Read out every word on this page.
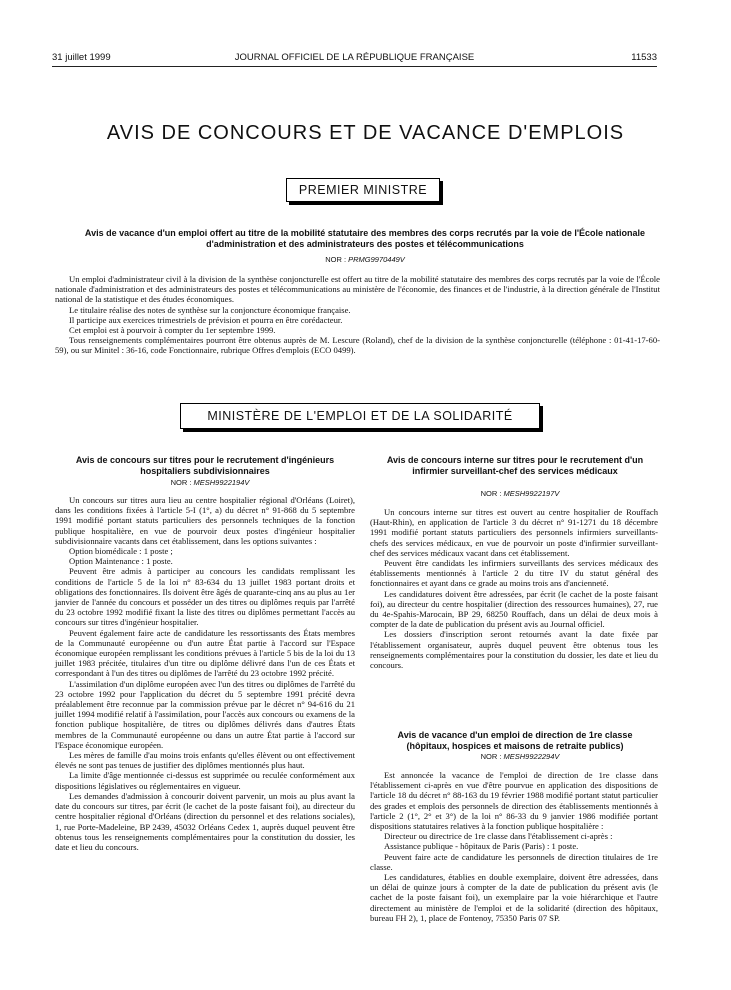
31 juillet 1999	JOURNAL OFFICIEL DE LA RÉPUBLIQUE FRANÇAISE	11533
AVIS DE CONCOURS ET DE VACANCE D'EMPLOIS
PREMIER MINISTRE
Avis de vacance d'un emploi offert au titre de la mobilité statutaire des membres des corps recrutés par la voie de l'École nationale d'administration et des administrateurs des postes et télécommunications
NOR : PRMG9970449V

Un emploi d'administrateur civil à la division de la synthèse conjoncturelle est offert au titre de la mobilité statutaire des membres des corps recrutés par la voie de l'École nationale d'administration et des administrateurs des postes et télécommunications au ministère de l'économie, des finances et de l'industrie, à la direction générale de l'Institut national de la statistique et des études économiques.

Le titulaire réalise des notes de synthèse sur la conjoncture économique française.

Il participe aux exercices trimestriels de prévision et pourra en être corédacteur.

Cet emploi est à pourvoir à compter du 1er septembre 1999.

Tous renseignements complémentaires pourront être obtenus auprès de M. Lescure (Roland), chef de la division de la synthèse conjoncturelle (téléphone : 01-41-17-60-59), ou sur Minitel : 36-16, code Fonctionnaire, rubrique Offres d'emplois (ECO 0499).

MINISTÈRE DE L'EMPLOI ET DE LA SOLIDARITÉ
Avis de concours sur titres pour le recrutement d'ingénieurs hospitaliers subdivisionnaires
NOR : MESH9922194V

Un concours sur titres aura lieu au centre hospitalier régional d'Orléans (Loiret), dans les conditions fixées à l'article 5-I (1°, a) du décret n° 91-868 du 5 septembre 1991 modifié portant statuts particuliers des personnels techniques de la fonction publique hospitalière, en vue de pourvoir deux postes d'ingénieur hospitalier subdivisionnaire vacants dans cet établissement, dans les options suivantes :

Option biomédicale : 1 poste ;

Option Maintenance : 1 poste.

Peuvent être admis à participer au concours les candidats remplissant les conditions de l'article 5 de la loi n° 83-634 du 13 juillet 1983 portant droits et obligations des fonctionnaires. Ils doivent être âgés de quarante-cinq ans au plus au 1er janvier de l'année du concours et posséder un des titres ou diplômes requis par l'arrêté du 23 octobre 1992 modifié fixant la liste des titres ou diplômes permettant l'accès au concours sur titres d'ingénieur hospitalier.

Peuvent également faire acte de candidature les ressortissants des États membres de la Communauté européenne ou d'un autre État partie à l'accord sur l'Espace économique européen remplissant les conditions prévues à l'article 5 bis de la loi du 13 juillet 1983 précitée, titulaires d'un titre ou diplôme délivré dans l'un de ces États et correspondant à l'un des titres ou diplômes de l'arrêté du 23 octobre 1992 précité.

L'assimilation d'un diplôme européen avec l'un des titres ou diplômes de l'arrêté du 23 octobre 1992 pour l'application du décret du 5 septembre 1991 précité devra préalablement être reconnue par la commission prévue par le décret n° 94-616 du 21 juillet 1994 modifié relatif à l'assimilation, pour l'accès aux concours ou examens de la fonction publique hospitalière, de titres ou diplômes délivrés dans d'autres États membres de la Communauté européenne ou dans un autre État partie à l'accord sur l'Espace économique européen.

Les mères de famille d'au moins trois enfants qu'elles élèvent ou ont effectivement élevés ne sont pas tenues de justifier des diplômes mentionnés plus haut.

La limite d'âge mentionnée ci-dessus est supprimée ou reculée conformément aux dispositions législatives ou réglementaires en vigueur.

Les demandes d'admission à concourir doivent parvenir, un mois au plus avant la date du concours sur titres, par écrit (le cachet de la poste faisant foi), au directeur du centre hospitalier régional d'Orléans (direction du personnel et des relations sociales), 1, rue Porte-Madeleine, BP 2439, 45032 Orléans Cedex 1, auprès duquel peuvent être obtenus tous les renseignements complémentaires pour la constitution du dossier, les date et lieu du concours.

Avis de concours interne sur titres pour le recrutement d'un infirmier surveillant-chef des services médicaux
NOR : MESH9922197V

Un concours interne sur titres est ouvert au centre hospitalier de Rouffach (Haut-Rhin), en application de l'article 3 du décret n° 91-1271 du 18 décembre 1991 modifié portant statuts particuliers des personnels infirmiers surveillants-chefs des services médicaux, en vue de pourvoir un poste d'infirmier surveillant-chef des services médicaux vacant dans cet établissement.

Peuvent être candidats les infirmiers surveillants des services médicaux des établissements mentionnés à l'article 2 du titre IV du statut général des fonctionnaires et ayant dans ce grade au moins trois ans d'ancienneté.

Les candidatures doivent être adressées, par écrit (le cachet de la poste faisant foi), au directeur du centre hospitalier (direction des ressources humaines), 27, rue du 4e-Spahis-Marocain, BP 29, 68250 Rouffach, dans un délai de deux mois à compter de la date de publication du présent avis au Journal officiel.

Les dossiers d'inscription seront retournés avant la date fixée par l'établissement organisateur, auprès duquel peuvent être obtenus tous les renseignements complémentaires pour la constitution du dossier, les date et lieu du concours.

Avis de vacance d'un emploi de direction de 1re classe (hôpitaux, hospices et maisons de retraite publics)
NOR : MESH9922294V

Est annoncée la vacance de l'emploi de direction de 1re classe dans l'établissement ci-après en vue d'être pourvue en application des dispositions de l'article 18 du décret n° 88-163 du 19 février 1988 modifié portant statut particulier des grades et emplois des personnels de direction des établissements mentionnés à l'article 2 (1°, 2° et 3°) de la loi n° 86-33 du 9 janvier 1986 modifiée portant dispositions statutaires relatives à la fonction publique hospitalière :

Directeur ou directrice de 1re classe dans l'établissement ci-après :

Assistance publique - hôpitaux de Paris (Paris) : 1 poste.

Peuvent faire acte de candidature les personnels de direction titulaires de 1re classe.

Les candidatures, établies en double exemplaire, doivent être adressées, dans un délai de quinze jours à compter de la date de publication du présent avis (le cachet de la poste faisant foi), un exemplaire par la voie hiérarchique et l'autre directement au ministère de l'emploi et de la solidarité (direction des hôpitaux, bureau FH 2), 1, place de Fontenoy, 75350 Paris 07 SP.
